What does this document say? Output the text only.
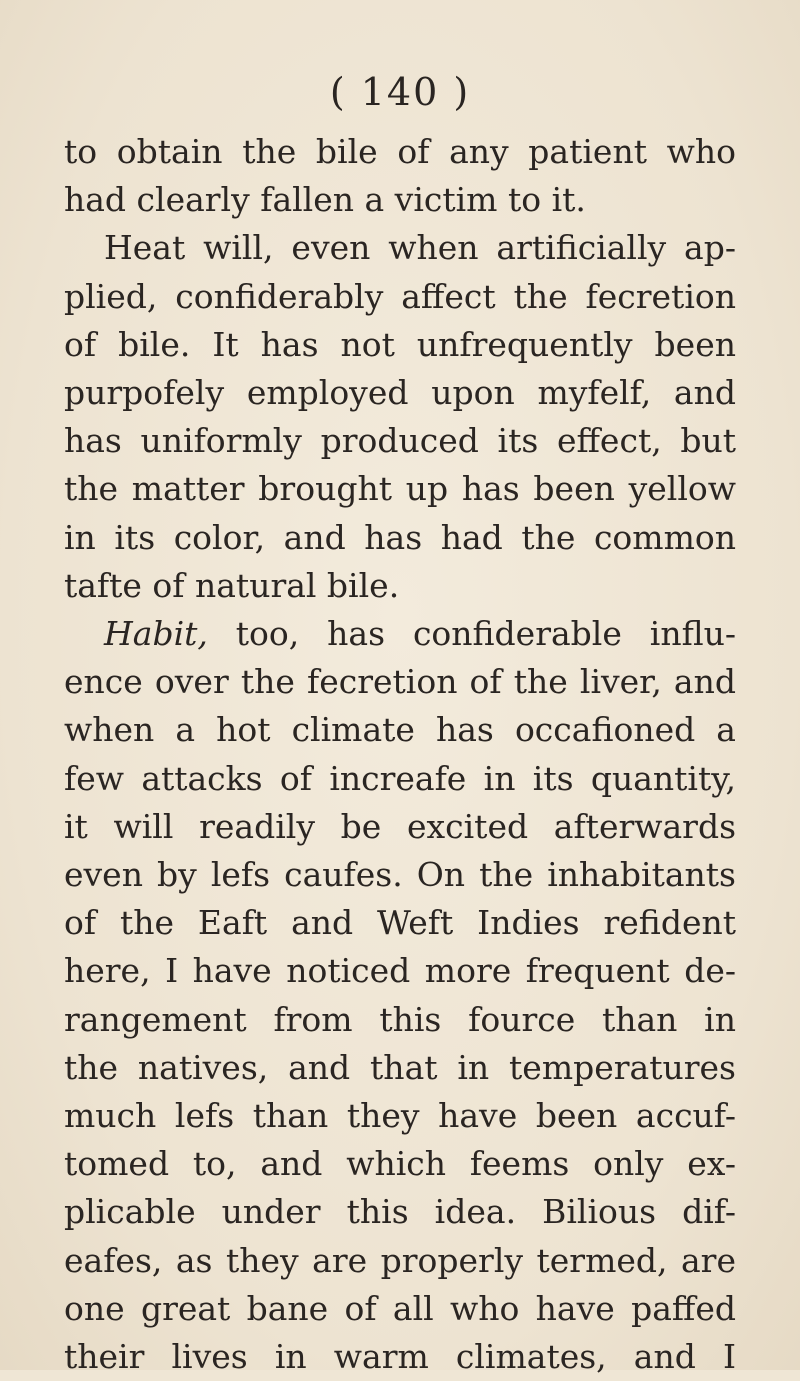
( 140 )
to obtain the bile of any patient who
had clearly fallen a victim to it.
Heat will, even when artificially ap-
plied, confiderably affect the fecretion
of bile. It has not unfrequently been
purpofely employed upon myfelf, and
has uniformly produced its effect, but
the matter brought up has been yellow
in its color, and has had the common
tafte of natural bile.
Habit, too, has confiderable influ-
ence over the fecretion of the liver, and
when a hot climate has occafioned a
few attacks of increafe in its quantity,
it will readily be excited afterwards
even by lefs caufes. On the inhabitants
of the Eaft and Weft Indies refident
here, I have noticed more frequent de-
rangement from this fource than in
the natives, and that in temperatures
much lefs than they have been accuf-
tomed to, and which feems only ex-
plicable under this idea. Bilious dif-
eafes, as they are properly termed, are
one great bane of all who have paffed
their lives in warm climates, and I
